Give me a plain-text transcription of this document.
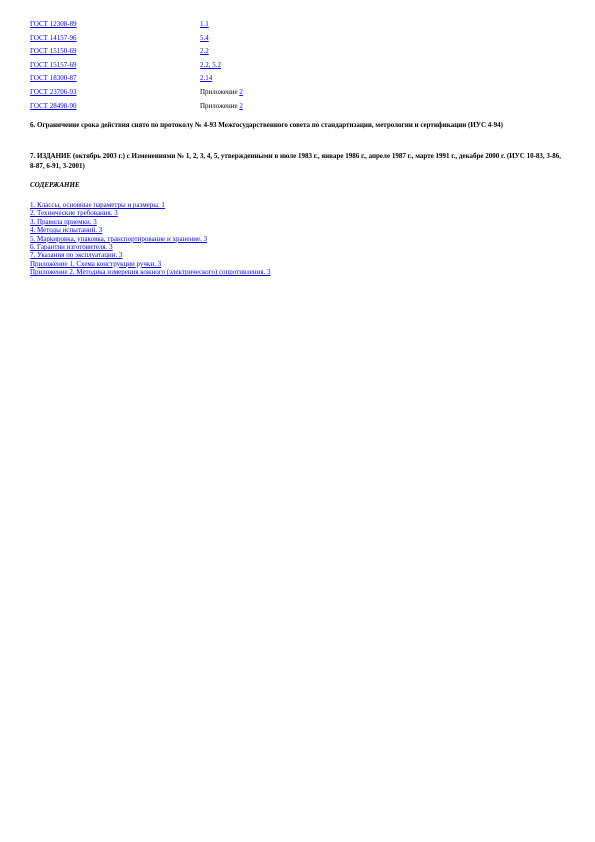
ГОСТ 12308-89	1.1
ГОСТ 14157-96	5.4
ГОСТ 15150-69	2.2
ГОСТ 15157-69	2.2, 5.2
ГОСТ 18300-87	2.14
ГОСТ 23706-93	Приложение 2
ГОСТ 28498-90	Приложение 2
6. Ограничение срока действия снято по протоколу № 4-93 Межгосударственного совета по стандартизации, метрологии и сертификации (ИУС 4-94)
7. ИЗДАНИЕ (октябрь 2003 г.) с Изменениями № 1, 2, 3, 4, 5, утвержденными в июле 1983 г., январе 1986 г., апреле 1987 г., марте 1991 г., декабре 2000 г. (ИУС 10-83, 3-86, 8-87, 6-91, 3-2001)
СОДЕРЖАНИЕ
1. Классы, основные параметры и размеры. 1
2. Технические требования. 3
3. Правила приемки. 3
4. Методы испытаний. 3
5. Маркировка, упаковка, транспортирование и хранение. 3
6. Гарантии изготовителя. 3
7. Указания по эксплуатации. 3
Приложение 1. Схема конструкции ручки. 3
Приложение 2. Методика измерения кожного (электрического) сопротивления. 3
